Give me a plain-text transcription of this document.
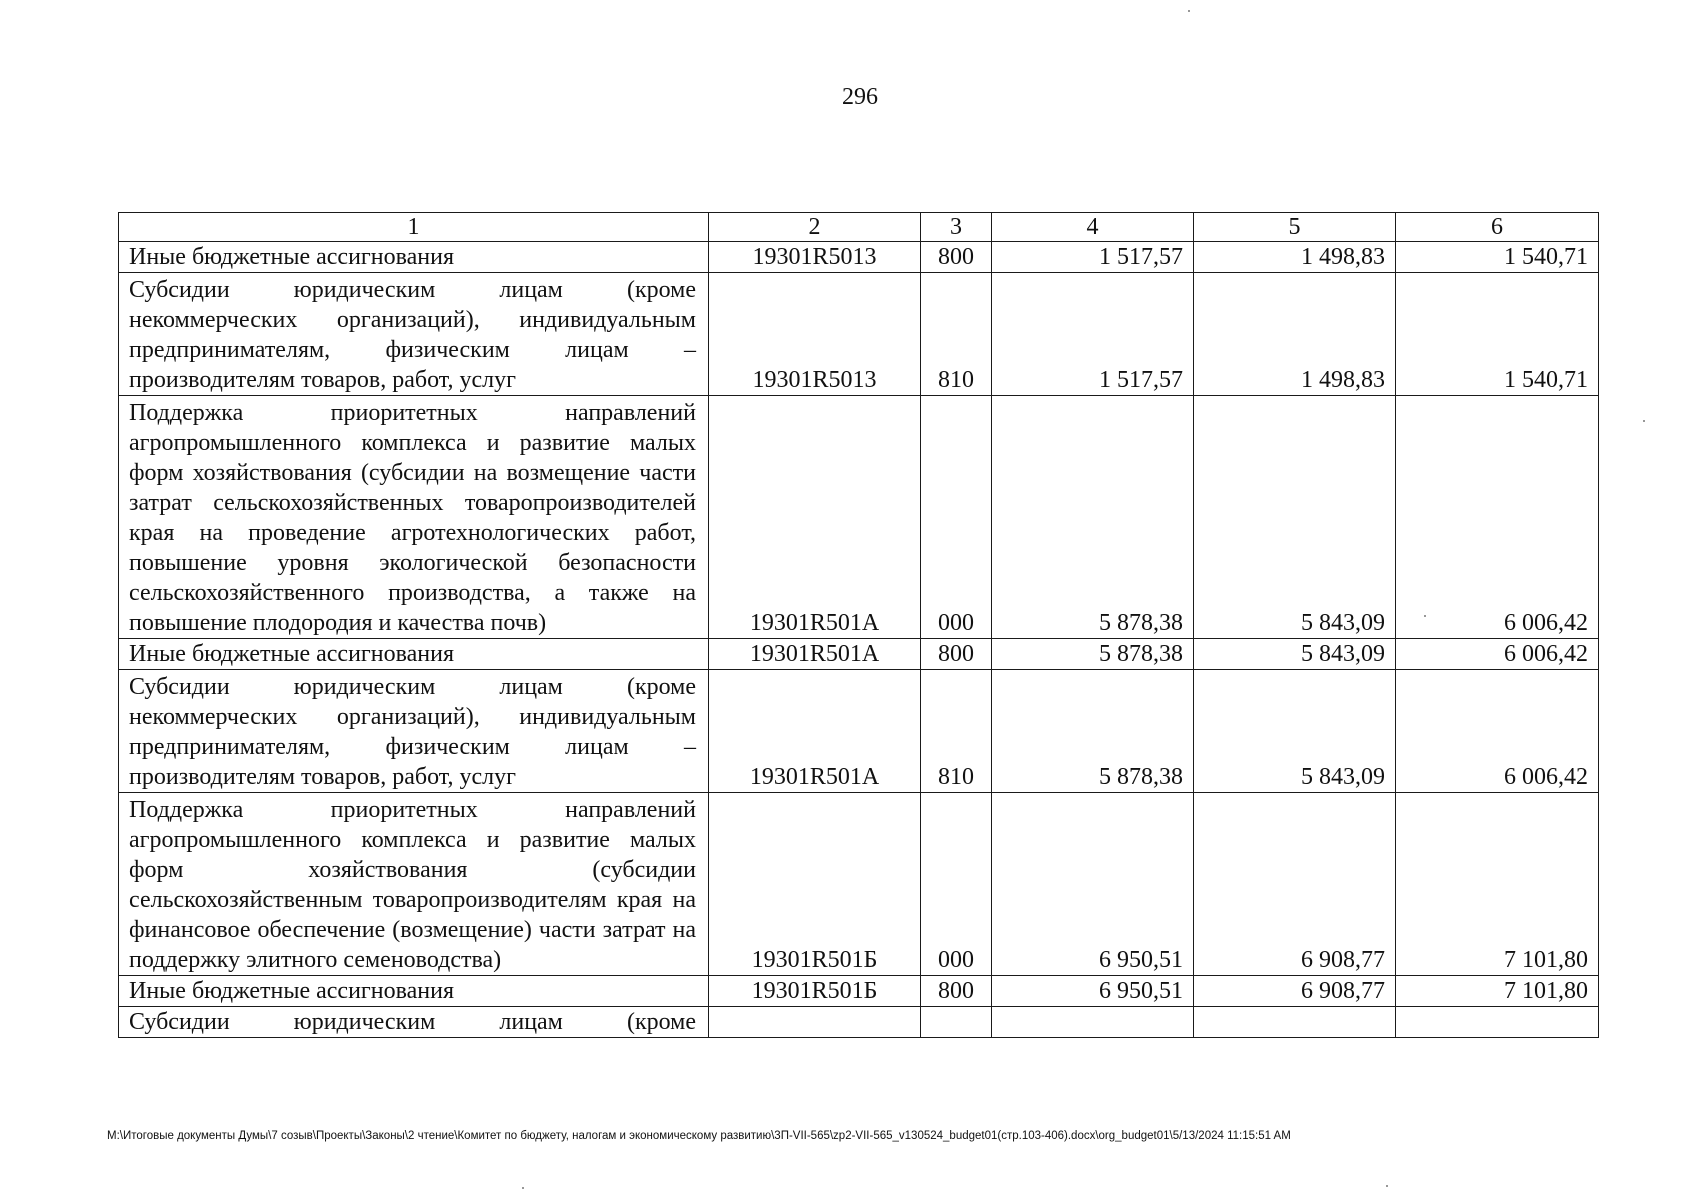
296
1	2	3	4	5	6
Иные бюджетные ассигнования	19301R5013	800	1 517,57	1 498,83	1 540,71
Субсидии юридическим лицам (кроме некоммерческих организаций), индивидуальным предпринимателям, физическим лицам – производителям товаров, работ, услуг	19301R5013	810	1 517,57	1 498,83	1 540,71
Поддержка приоритетных направлений агропромышленного комплекса и развитие малых форм хозяйствования (субсидии на возмещение части затрат сельскохозяйственных товаропроизводителей края на проведение агротехнологических работ, повышение уровня экологической безопасности сельскохозяйственного производства, а также на повышение плодородия и качества почв)	19301R501A	000	5 878,38	5 843,09	6 006,42
Иные бюджетные ассигнования	19301R501A	800	5 878,38	5 843,09	6 006,42
Субсидии юридическим лицам (кроме некоммерческих организаций), индивидуальным предпринимателям, физическим лицам – производителям товаров, работ, услуг	19301R501A	810	5 878,38	5 843,09	6 006,42
Поддержка приоритетных направлений агропромышленного комплекса и развитие малых форм хозяйствования (субсидии сельскохозяйственным товаропроизводителям края на финансовое обеспечение (возмещение) части затрат на поддержку элитного семеноводства)	19301R501Б	000	6 950,51	6 908,77	7 101,80
Иные бюджетные ассигнования	19301R501Б	800	6 950,51	6 908,77	7 101,80
Субсидии юридическим лицам (кроме					
M:\Итоговые документы Думы\7 созыв\Проекты\Законы\2 чтение\Комитет по бюджету, налогам и экономическому развитию\3П-VII-565\zp2-VII-565_v130524_budget01(стр.103-406).docx\org_budget01\5/13/2024 11:15:51 AM
